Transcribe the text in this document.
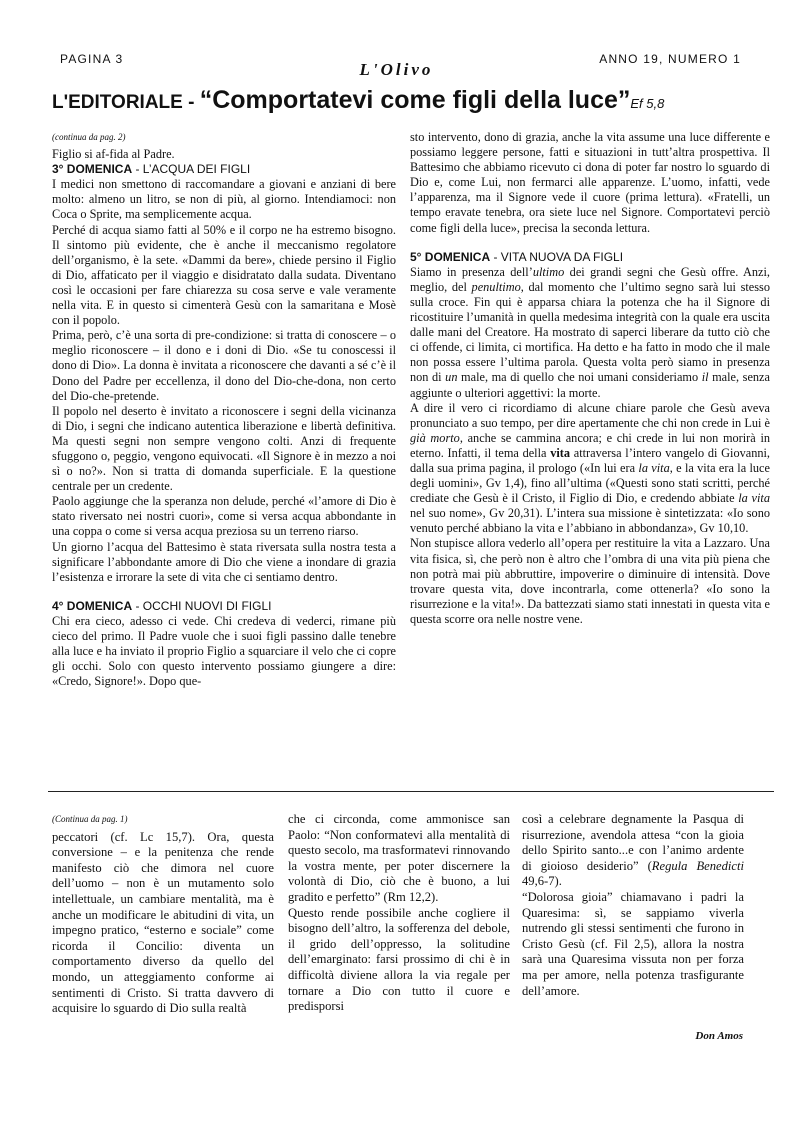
PAGINA 3
L'Olivo
ANNO 19, NUMERO 1
L'EDITORIALE - “Comportatevi come figli della luce”Ef 5,8

(continua da pag. 2)

Figlio si af-fida al Padre.

3° DOMENICA - L’ACQUA DEI FIGLI

I medici non smettono di raccomandare a giovani e anziani di bere molto: almeno un litro, se non di più, al giorno. Intendiamoci: non Coca o Sprite, ma semplicemente acqua.

Perché di acqua siamo fatti al 50% e il corpo ne ha estremo bisogno. Il sintomo più evidente, che è anche il meccanismo regolatore dell’organismo, è la sete. «Dammi da bere», chiede persino il Figlio di Dio, affaticato per il viaggio e disidratato dalla sudata. Diventano così le occasioni per fare chiarezza su cosa serve e vale veramente nella vita. E in questo si cimenterà Gesù con la samaritana e Mosè con il popolo.

Prima, però, c’è una sorta di pre-condizione: si tratta di conoscere – o meglio riconoscere – il dono e i doni di Dio. «Se tu conoscessi il dono di Dio». La donna è invitata a riconoscere che davanti a sé c’è il Dono del Padre per eccellenza, il dono del Dio-che-dona, non certo del Dio-che-pretende.

Il popolo nel deserto è invitato a riconoscere i segni della vicinanza di Dio, i segni che indicano autentica liberazione e libertà definitiva. Ma questi segni non sempre vengono colti. Anzi di frequente sfuggono o, peggio, vengono equivocati. «Il Signore è in mezzo a noi sì o no?». Non si tratta di domanda superficiale. E la questione centrale per un credente.

Paolo aggiunge che la speranza non delude, perché «l’amore di Dio è stato riversato nei nostri cuori», come si versa acqua abbondante in una coppa o come si versa acqua preziosa su un terreno riarso.

Un giorno l’acqua del Battesimo è stata riversata sulla nostra testa a significare l’abbondante amore di Dio che viene a inondare di grazia l’esistenza e irrorare la sete di vita che ci sentiamo dentro.

4° DOMENICA - OCCHI NUOVI DI FIGLI

Chi era cieco, adesso ci vede. Chi credeva di vederci, rimane più cieco del primo. Il Padre vuole che i suoi figli passino dalle tenebre alla luce e ha inviato il proprio Figlio a squarciare il velo che ci copre gli occhi. Solo con questo intervento possiamo giungere a dire: «Credo, Signore!». Dopo que-

sto intervento, dono di grazia, anche la vita assume una luce differente e possiamo leggere persone, fatti e situazioni in tutt’altra prospettiva. Il Battesimo che abbiamo ricevuto ci dona di poter far nostro lo sguardo di Dio e, come Lui, non fermarci alle apparenze. L’uomo, infatti, vede l’apparenza, ma il Signore vede il cuore (prima lettura). «Fratelli, un tempo eravate tenebra, ora siete luce nel Signore. Comportatevi perciò come figli della luce», precisa la seconda lettura.

5° DOMENICA - VITA NUOVA DA FIGLI

Siamo in presenza dell’ultimo dei grandi segni che Gesù offre. Anzi, meglio, del penultimo, dal momento che l’ultimo segno sarà lui stesso sulla croce. Fin qui è apparsa chiara la potenza che ha il Signore di ricostituire l’umanità in quella medesima integrità con la quale era uscita dalle mani del Creatore. Ha mostrato di saperci liberare da tutto ciò che ci offende, ci limita, ci mortifica. Ha detto e ha fatto in modo che il male non possa essere l’ultima parola. Questa volta però siamo in presenza non di un male, ma di quello che noi umani consideriamo il male, senza aggiunte o ulteriori aggettivi: la morte.

A dire il vero ci ricordiamo di alcune chiare parole che Gesù aveva pronunciato a suo tempo, per dire apertamente che chi non crede in Lui è già morto, anche se cammina ancora; e chi crede in lui non morirà in eterno. Infatti, il tema della vita attraversa l’intero vangelo di Giovanni, dalla sua prima pagina, il prologo («In lui era la vita, e la vita era la luce degli uomini», Gv 1,4), fino all’ultima («Questi sono stati scritti, perché crediate che Gesù è il Cristo, il Figlio di Dio, e credendo abbiate la vita nel suo nome», Gv 20,31). L’intera sua missione è sintetizzata: «Io sono venuto perché abbiano la vita e l’abbiano in abbondanza», Gv 10,10.

Non stupisce allora vederlo all’opera per restituire la vita a Lazzaro. Una vita fisica, sì, che però non è altro che l’ombra di una vita più piena che non potrà mai più abbruttire, impoverire o diminuire di intensità. Dove trovare questa vita, dove incontrarla, come ottenerla? «Io sono la risurrezione e la vita!». Da battezzati siamo stati innestati in questa vita e questa scorre ora nelle nostre vene.

(Continua da pag. 1)

peccatori (cf. Lc 15,7). Ora, questa conversione – e la penitenza che rende manifesto ciò che dimora nel cuore dell’uomo – non è un mutamento solo intellettuale, un cambiare mentalità, ma è anche un modificare le abitudini di vita, un impegno pratico, “esterno e sociale” come ricorda il Concilio: diventa un comportamento diverso da quello del mondo, un atteggiamento conforme ai sentimenti di Cristo. Si tratta davvero di acquisire lo sguardo di Dio sulla realtà

che ci circonda, come ammonisce san Paolo: “Non conformatevi alla mentalità di questo secolo, ma trasformatevi rinnovando la vostra mente, per poter discernere la volontà di Dio, ciò che è buono, a lui gradito e perfetto” (Rm 12,2).

Questo rende possibile anche cogliere il bisogno dell’altro, la sofferenza del debole, il grido dell’oppresso, la solitudine dell’emarginato: farsi prossimo di chi è in difficoltà diviene allora la via regale per tornare a Dio con tutto il cuore e predisporsi

così a celebrare degnamente la Pasqua di risurrezione, avendola attesa “con la gioia dello Spirito santo...e con l’animo ardente di gioioso desiderio” (Regula Benedicti 49,6-7).

“Dolorosa gioia” chiamavano i padri la Quaresima: sì, se sappiamo viverla nutrendo gli stessi sentimenti che furono in Cristo Gesù (cf. Fil 2,5), allora la nostra sarà una Quaresima vissuta non per forza ma per amore, nella potenza trasfigurante dell’amore.

Don Amos
